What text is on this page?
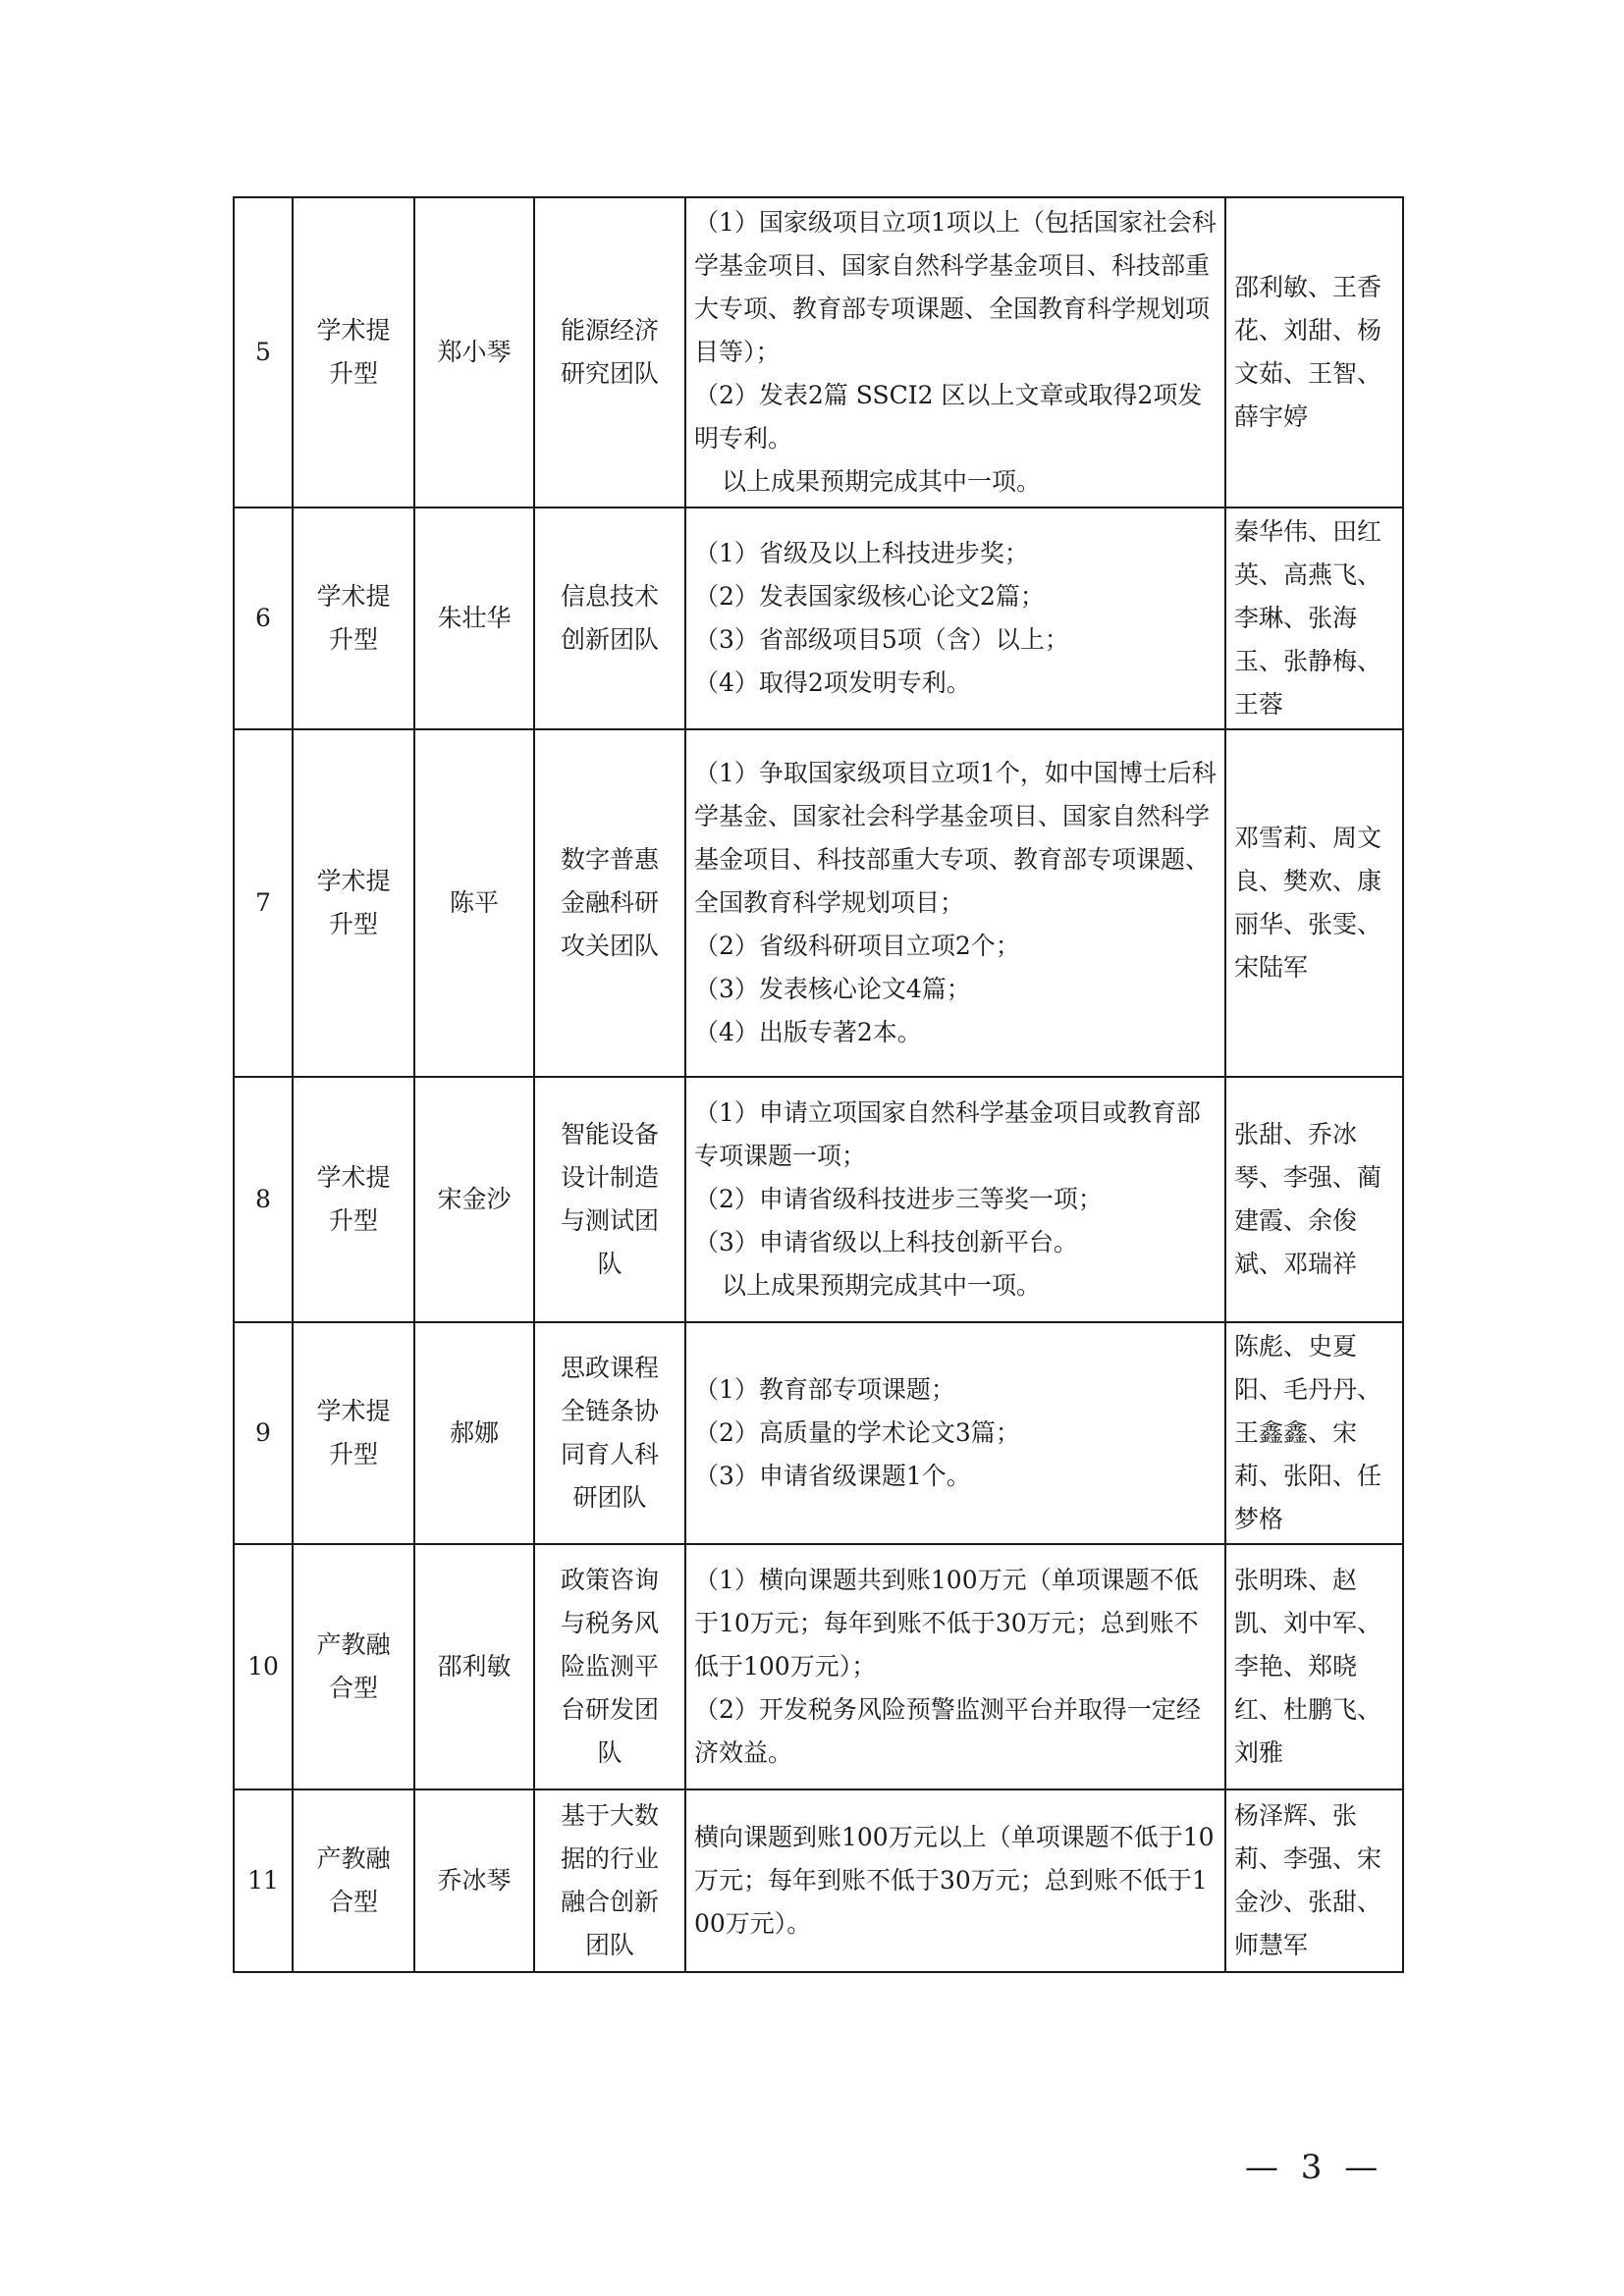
5	学术提升型	郑小琴	能源经济研究团队	（1）国家级项目立项1项以上（包括国家社会科学基金项目、国家自然科学基金项目、科技部重大专项、教育部专项课题、全国教育科学规划项目等）；
（2）发表2篇 SSCI2 区以上文章或取得2项发明专利。
以上成果预期完成其中一项。	邵利敏、王香花、刘甜、杨文茹、王智、薛宇婷
6	学术提升型	朱壮华	信息技术创新团队	（1）省级及以上科技进步奖；
（2）发表国家级核心论文2篇；
（3）省部级项目5项（含）以上；
（4）取得2项发明专利。	秦华伟、田红英、高燕飞、李琳、张海玉、张静梅、王蓉
7	学术提升型	陈平	数字普惠金融科研攻关团队	（1）争取国家级项目立项1个，如中国博士后科学基金、国家社会科学基金项目、国家自然科学基金项目、科技部重大专项、教育部专项课题、全国教育科学规划项目；
（2）省级科研项目立项2个；
（3）发表核心论文4篇；
（4）出版专著2本。	邓雪莉、周文良、樊欢、康丽华、张雯、宋陆军
8	学术提升型	宋金沙	智能设备设计制造与测试团队	（1）申请立项国家自然科学基金项目或教育部专项课题一项；
（2）申请省级科技进步三等奖一项；
（3）申请省级以上科技创新平台。
以上成果预期完成其中一项。	张甜、乔冰琴、李强、蔺建霞、余俊斌、邓瑞祥
9	学术提升型	郝娜	思政课程全链条协同育人科研团队	（1）教育部专项课题；
（2）高质量的学术论文3篇；
（3）申请省级课题1个。	陈彪、史夏阳、毛丹丹、王鑫鑫、宋莉、张阳、任梦格
10	产教融合型	邵利敏	政策咨询与税务风险监测平台研发团队	（1）横向课题共到账100万元（单项课题不低于10万元；每年到账不低于30万元；总到账不低于100万元）；
（2）开发税务风险预警监测平台并取得一定经济效益。	张明珠、赵凯、刘中军、李艳、郑晓红、杜鹏飞、刘雅
11	产教融合型	乔冰琴	基于大数据的行业融合创新团队	横向课题到账100万元以上（单项课题不低于10万元；每年到账不低于30万元；总到账不低于100万元）。	杨泽辉、张莉、李强、宋金沙、张甜、师慧军
— 3 —
